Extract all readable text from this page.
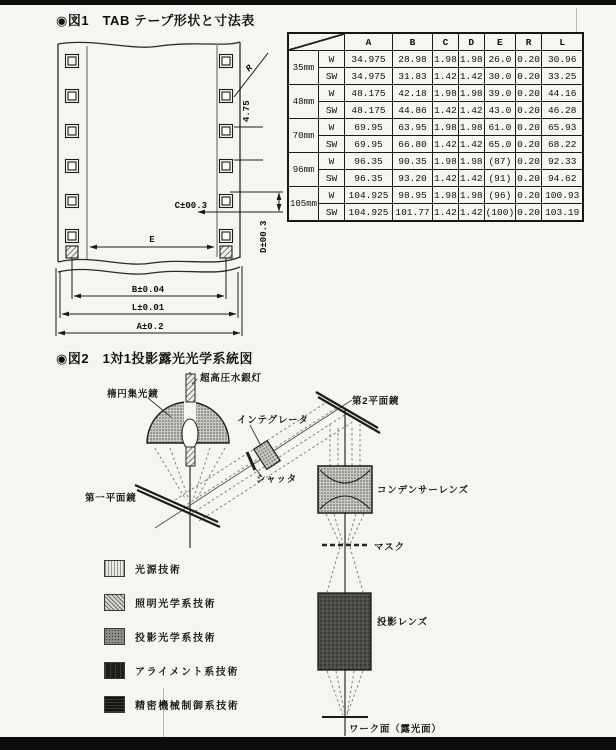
R
4.75
C±00.3
D±00.3
E
B±0.04
L±0.01
A±0.2
超高圧水銀灯
楕円集光鏡
インテグレータ
シャッタ
第一平面鏡
第2平面鏡
コンデンサーレンズ
マスク
投影レンズ
ワーク面（露光面）
◉図1　TAB テープ形状と寸法表
◉図2　1対1投影露光光学系統図
		A	B	C	D	E	R	L
35mm	W	34.975	28.98	1.98	1.98	26.0	0.20	30.96
	SW	34.975	31.83	1.42	1.42	30.0	0.20	33.25
48mm	W	48.175	42.18	1.98	1.98	39.0	0.20	44.16
	SW	48.175	44.86	1.42	1.42	43.0	0.20	46.28
70mm	W	69.95	63.95	1.98	1.98	61.0	0.20	65.93
	SW	69.95	66.80	1.42	1.42	65.0	0.20	68.22
96mm	W	96.35	90.35	1.98	1.98	(87)	0.20	92.33
	SW	96.35	93.20	1.42	1.42	(91)	0.20	94.62
105mm	W	104.925	98.95	1.98	1.98	(96)	0.20	100.93
	SW	104.925	101.77	1.42	1.42	(100)	0.20	103.19
光源技術
照明光学系技術
投影光学系技術
アライメント系技術
精密機械制御系技術
